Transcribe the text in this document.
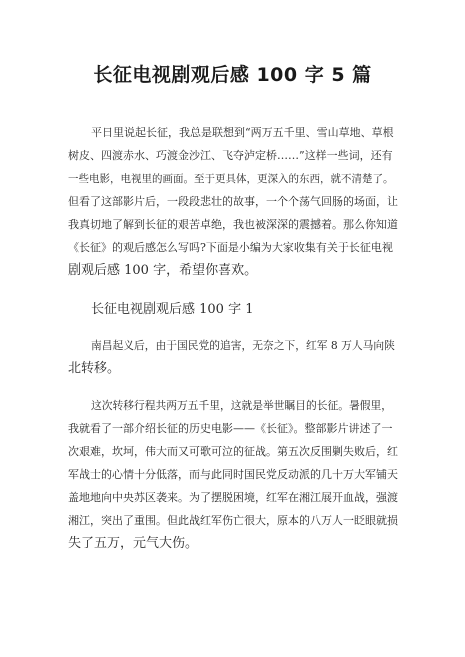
长征电视剧观后感 100 字 5 篇
平日里说起长征，我总是联想到“两万五千里、雪山草地、草根
树皮、四渡赤水、巧渡金沙江、飞夺泸定桥……”这样一些词，还有
一些电影，电视里的画面。至于更具体，更深入的东西，就不清楚了。
但看了这部影片后，一段段悲壮的故事，一个个荡气回肠的场面，让
我真切地了解到长征的艰苦卓绝，我也被深深的震撼着。那么你知道
《长征》的观后感怎么写吗?下面是小编为大家收集有关于长征电视
剧观后感 100 字，希望你喜欢。
长征电视剧观后感 100 字 1
南昌起义后，由于国民党的追害，无奈之下，红军 8 万人马向陕
北转移。
这次转移行程共两万五千里，这就是举世瞩目的长征。暑假里，
我就看了一部介绍长征的历史电影——《长征》。整部影片讲述了一
次艰难，坎坷，伟大而又可歌可泣的征战。第五次反围剿失败后，红
军战士的心情十分低落，而与此同时国民党反动派的几十万大军铺天
盖地地向中央苏区袭来。为了摆脱困境，红军在湘江展开血战，强渡
湘江，突出了重围。但此战红军伤亡很大，原本的八万人一眨眼就损
失了五万，元气大伤。
